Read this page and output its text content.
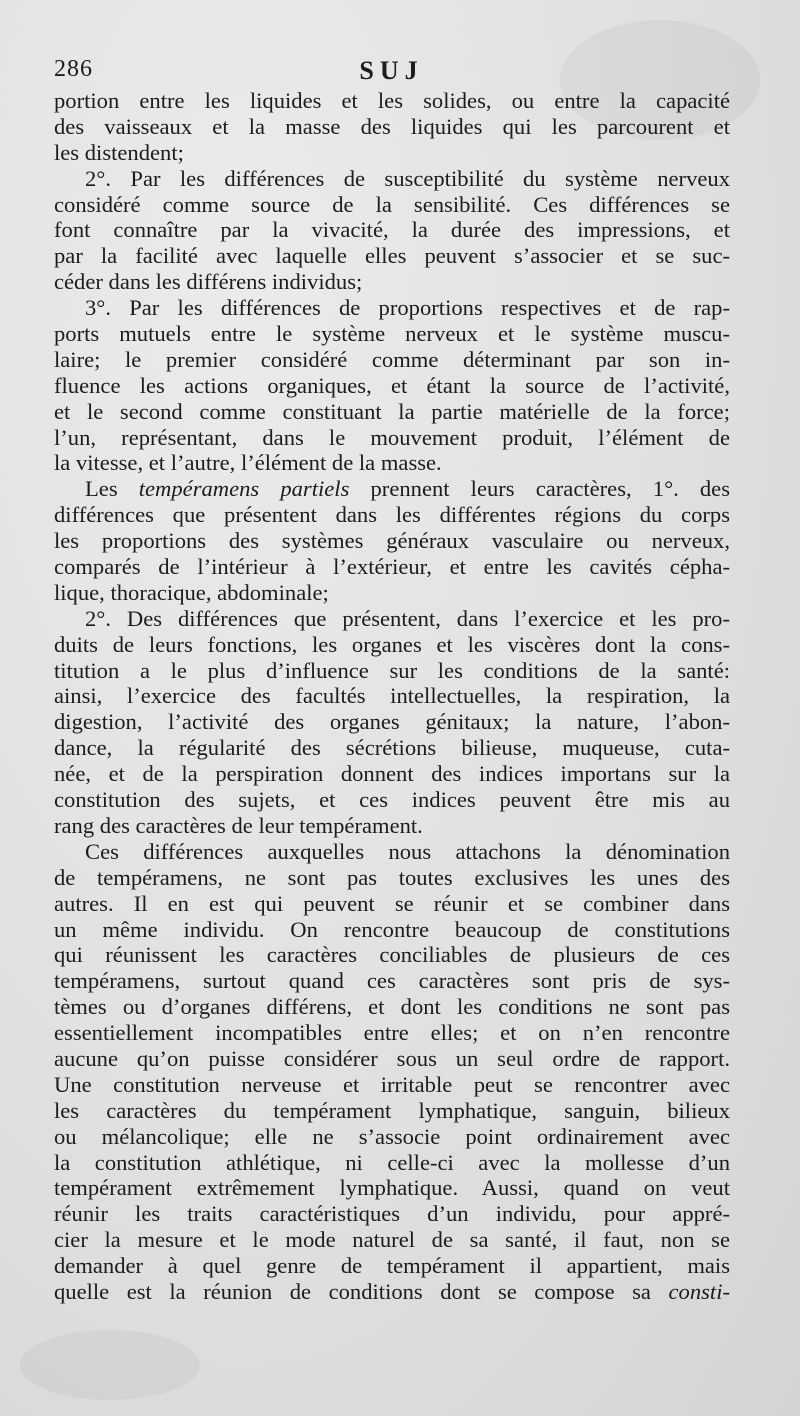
286	SUJ
portion entre les liquides et les solides, ou entre la capacité
des vaisseaux et la masse des liquides qui les parcourent et
les distendent;
2°. Par les différences de susceptibilité du système nerveux
considéré comme source de la sensibilité. Ces différences se
font connaître par la vivacité, la durée des impressions, et
par la facilité avec laquelle elles peuvent s’associer et se suc-
céder dans les différens individus;
3°. Par les différences de proportions respectives et de rap-
ports mutuels entre le système nerveux et le système muscu-
laire; le premier considéré comme déterminant par son in-
fluence les actions organiques, et étant la source de l’activité,
et le second comme constituant la partie matérielle de la force;
l’un, représentant, dans le mouvement produit, l’élément de
la vitesse, et l’autre, l’élément de la masse.
Les tempéramens partiels prennent leurs caractères, 1°. des
différences que présentent dans les différentes régions du corps
les proportions des systèmes généraux vasculaire ou nerveux,
comparés de l’intérieur à l’extérieur, et entre les cavités cépha-
lique, thoracique, abdominale;
2°. Des différences que présentent, dans l’exercice et les pro-
duits de leurs fonctions, les organes et les viscères dont la cons-
titution a le plus d’influence sur les conditions de la santé:
ainsi, l’exercice des facultés intellectuelles, la respiration, la
digestion, l’activité des organes génitaux; la nature, l’abon-
dance, la régularité des sécrétions bilieuse, muqueuse, cuta-
née, et de la perspiration donnent des indices importans sur la
constitution des sujets, et ces indices peuvent être mis au
rang des caractères de leur tempérament.
Ces différences auxquelles nous attachons la dénomination
de tempéramens, ne sont pas toutes exclusives les unes des
autres. Il en est qui peuvent se réunir et se combiner dans
un même individu. On rencontre beaucoup de constitutions
qui réunissent les caractères conciliables de plusieurs de ces
tempéramens, surtout quand ces caractères sont pris de sys-
tèmes ou d’organes différens, et dont les conditions ne sont pas
essentiellement incompatibles entre elles; et on n’en rencontre
aucune qu’on puisse considérer sous un seul ordre de rapport.
Une constitution nerveuse et irritable peut se rencontrer avec
les caractères du tempérament lymphatique, sanguin, bilieux
ou mélancolique; elle ne s’associe point ordinairement avec
la constitution athlétique, ni celle-ci avec la mollesse d’un
tempérament extrêmement lymphatique. Aussi, quand on veut
réunir les traits caractéristiques d’un individu, pour appré-
cier la mesure et le mode naturel de sa santé, il faut, non se
demander à quel genre de tempérament il appartient, mais
quelle est la réunion de conditions dont se compose sa consti-
